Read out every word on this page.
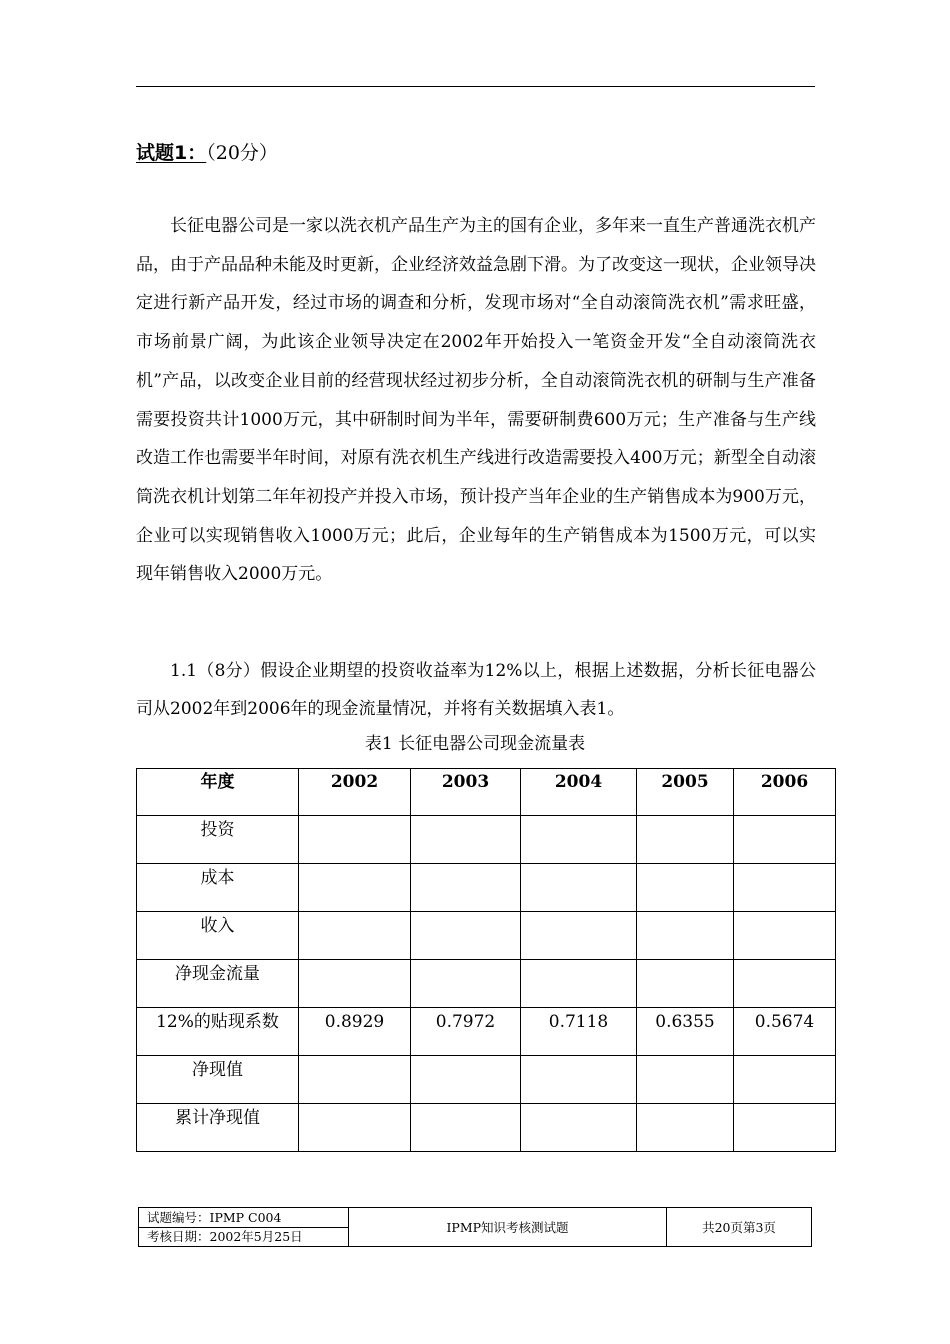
试题1：（20分）

长征电器公司是一家以洗衣机产品生产为主的国有企业，多年来一直生产普通洗衣机产品，由于产品品种未能及时更新，企业经济效益急剧下滑。为了改变这一现状，企业领导决定进行新产品开发，经过市场的调查和分析，发现市场对“全自动滚筒洗衣机”需求旺盛，市场前景广阔，为此该企业领导决定在2002年开始投入一笔资金开发“全自动滚筒洗衣机”产品，以改变企业目前的经营现状经过初步分析，全自动滚筒洗衣机的研制与生产准备需要投资共计1000万元，其中研制时间为半年，需要研制费600万元；生产准备与生产线改造工作也需要半年时间，对原有洗衣机生产线进行改造需要投入400万元；新型全自动滚筒洗衣机计划第二年年初投产并投入市场，预计投产当年企业的生产销售成本为900万元，企业可以实现销售收入1000万元；此后，企业每年的生产销售成本为1500万元，可以实现年销售收入2000万元。

1.1（8分）假设企业期望的投资收益率为12%以上，根据上述数据，分析长征电器公司从2002年到2006年的现金流量情况，并将有关数据填入表1。

表1 长征电器公司现金流量表
年度	2002	2003	2004	2005	2006
投资					
成本					
收入					
净现金流量					
12%的贴现系数	0.8929	0.7972	0.7118	0.6355	0.5674
净现值					
累计净现值					
试题编号：IPMP C004	IPMP知识考核测试题	共20页第3页
考核日期：2002年5月25日
